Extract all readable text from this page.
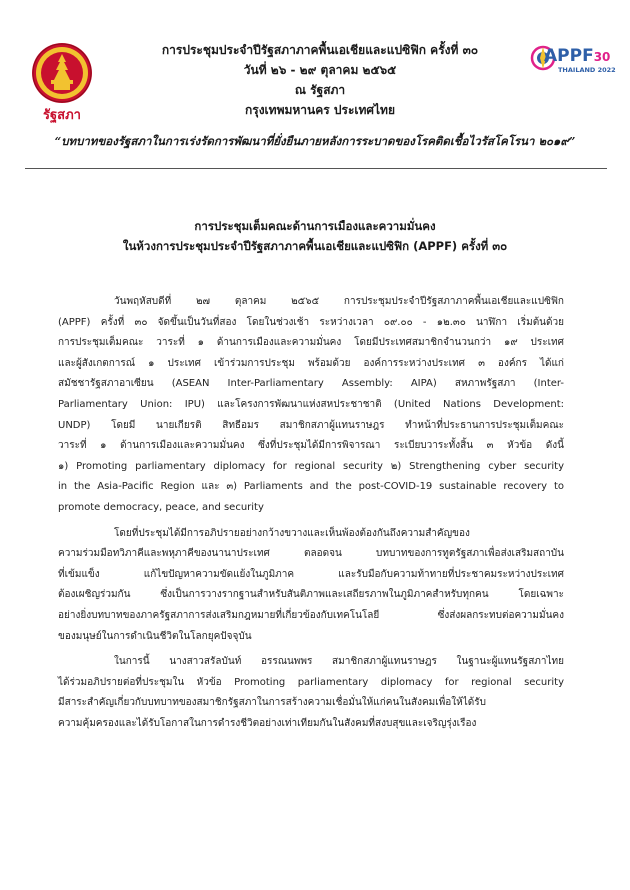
รัฐสภา
APPF30
THAILAND 2022
การประชุมประจำปีรัฐสภาภาคพื้นเอเชียและแปซิฟิก ครั้งที่ ๓๐
วันที่ ๒๖ - ๒๙ ตุลาคม ๒๕๖๕
ณ รัฐสภา
กรุงเทพมหานคร ประเทศไทย
“บทบาทของรัฐสภาในการเร่งรัดการพัฒนาที่ยั่งยืนภายหลังการระบาดของโรคติดเชื้อไวรัสโคโรนา ๒๐๑๙”
การประชุมเต็มคณะด้านการเมืองและความมั่นคง
ในห้วงการประชุมประจำปีรัฐสภาภาคพื้นเอเชียและแปซิฟิก (APPF) ครั้งที่ ๓๐
วันพฤหัสบดีที่ ๒๗ ตุลาคม ๒๕๖๕ การประชุมประจำปีรัฐสภาภาคพื้นเอเชียและแปซิฟิก
(APPF) ครั้งที่ ๓๐ จัดขึ้นเป็นวันที่สอง โดยในช่วงเช้า ระหว่างเวลา ๐๙.๐๐ - ๑๒.๓๐ นาฬิกา เริ่มต้นด้วย
การประชุมเต็มคณะ วาระที่ ๑ ด้านการเมืองและความมั่นคง โดยมีประเทศสมาชิกจำนวนกว่า ๑๙ ประเทศ
และผู้สังเกตการณ์ ๑ ประเทศ เข้าร่วมการประชุม พร้อมด้วย องค์การระหว่างประเทศ ๓ องค์กร ได้แก่
สมัชชารัฐสภาอาเซียน (ASEAN Inter-Parliamentary Assembly: AIPA) สหภาพรัฐสภา (Inter-
Parliamentary Union: IPU) และโครงการพัฒนาแห่งสหประชาชาติ (United Nations Development:
UNDP) โดยมี นายเกียรติ สิทธีอมร สมาชิกสภาผู้แทนราษฎร ทำหน้าที่ประธานการประชุมเต็มคณะ
วาระที่ ๑ ด้านการเมืองและความมั่นคง ซึ่งที่ประชุมได้มีการพิจารณา ระเบียบวาระทั้งสิ้น ๓ หัวข้อ ดังนี้
๑) Promoting parliamentary diplomacy for regional security ๒) Strengthening cyber security
in the Asia-Pacific Region และ ๓) Parliaments and the post-COVID-19 sustainable recovery to
promote democracy, peace, and security
โดยที่ประชุมได้มีการอภิปรายอย่างกว้างขวางและเห็นพ้องต้องกันถึงความสำคัญของ
ความร่วมมือทวิภาคีและพหุภาคีของนานาประเทศ ตลอดจน บทบาทของการทูตรัฐสภาเพื่อส่งเสริมสถาบัน
ที่เข้มแข็ง แก้ไขปัญหาความขัดแย้งในภูมิภาค และรับมือกับความท้าทายที่ประชาคมระหว่างประเทศ
ต้องเผชิญร่วมกัน ซึ่งเป็นการวางรากฐานสำหรับสันติภาพและเสถียรภาพในภูมิภาคสำหรับทุกคน โดยเฉพาะ
อย่างยิ่งบทบาทของภาครัฐสภาการส่งเสริมกฎหมายที่เกี่ยวข้องกับเทคโนโลยี ซึ่งส่งผลกระทบต่อความมั่นคง
ของมนุษย์ในการดำเนินชีวิตในโลกยุคปัจจุบัน
ในการนี้ นางสาวสรัลบันท์ อรรณนพพร สมาชิกสภาผู้แทนราษฎร ในฐานะผู้แทนรัฐสภาไทย
ได้ร่วมอภิปรายต่อที่ประชุมใน หัวข้อ Promoting parliamentary diplomacy for regional security
มีสาระสำคัญเกี่ยวกับบทบาทของสมาชิกรัฐสภาในการสร้างความเชื่อมั่นให้แก่คนในสังคมเพื่อให้ได้รับ
ความคุ้มครองและได้รับโอกาสในการดำรงชีวิตอย่างเท่าเทียมกันในสังคมที่สงบสุขและเจริญรุ่งเรือง
